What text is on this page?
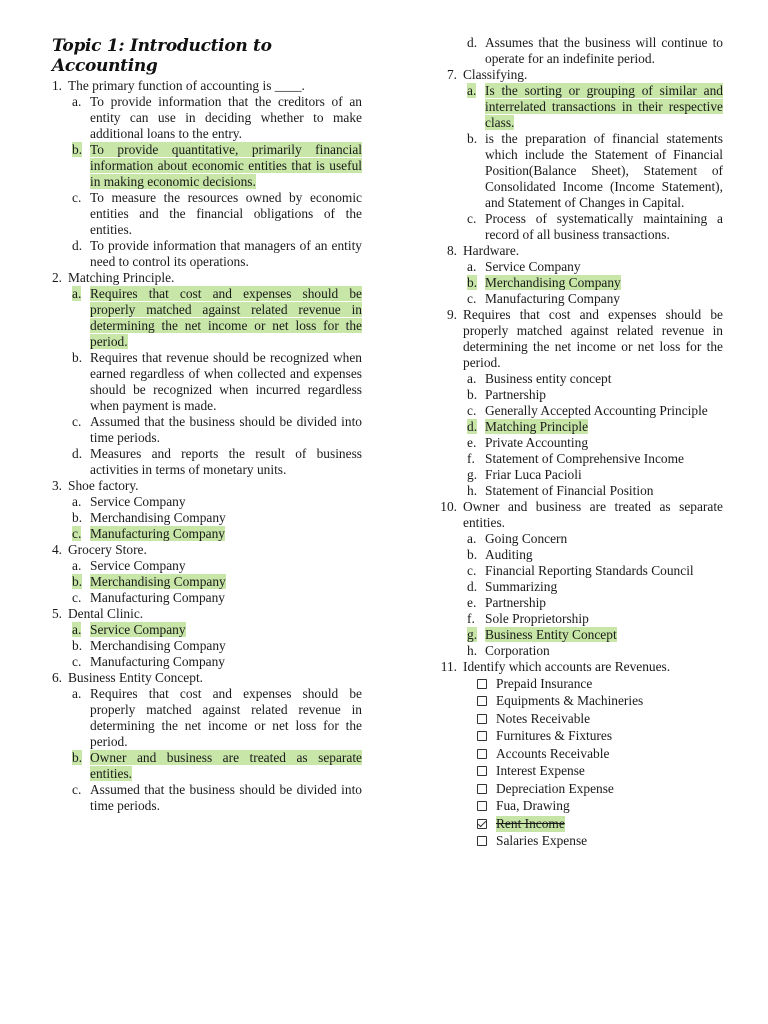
Topic 1: Introduction to Accounting
1. The primary function of accounting is ____.
a. To provide information that the creditors of an entity can use in deciding whether to make additional loans to the entry.
b. To provide quantitative, primarily financial information about economic entities that is useful in making economic decisions.
c. To measure the resources owned by economic entities and the financial obligations of the entities.
d. To provide information that managers of an entity need to control its operations.
2. Matching Principle.
a. Requires that cost and expenses should be properly matched against related revenue in determining the net income or net loss for the period.
b. Requires that revenue should be recognized when earned regardless of when collected and expenses should be recognized when incurred regardless when payment is made.
c. Assumed that the business should be divided into time periods.
d. Measures and reports the result of business activities in terms of monetary units.
3. Shoe factory.
a. Service Company
b. Merchandising Company
c. Manufacturing Company
4. Grocery Store.
a. Service Company
b. Merchandising Company
c. Manufacturing Company
5. Dental Clinic.
a. Service Company
b. Merchandising Company
c. Manufacturing Company
6. Business Entity Concept.
a. Requires that cost and expenses should be properly matched against related revenue in determining the net income or net loss for the period.
b. Owner and business are treated as separate entities.
c. Assumed that the business should be divided into time periods.
d. Assumes that the business will continue to operate for an indefinite period.
7. Classifying.
a. Is the sorting or grouping of similar and interrelated transactions in their respective class.
b. is the preparation of financial statements which include the Statement of Financial Position(Balance Sheet), Statement of Consolidated Income (Income Statement), and Statement of Changes in Capital.
c. Process of systematically maintaining a record of all business transactions.
8. Hardware.
a. Service Company
b. Merchandising Company
c. Manufacturing Company
9. Requires that cost and expenses should be properly matched against related revenue in determining the net income or net loss for the period.
a. Business entity concept
b. Partnership
c. Generally Accepted Accounting Principle
d. Matching Principle
e. Private Accounting
f. Statement of Comprehensive Income
g. Friar Luca Pacioli
h. Statement of Financial Position
10. Owner and business are treated as separate entities.
a. Going Concern
b. Auditing
c. Financial Reporting Standards Council
d. Summarizing
e. Partnership
f. Sole Proprietorship
g. Business Entity Concept
h. Corporation
11. Identify which accounts are Revenues.
Prepaid Insurance
Equipments & Machineries
Notes Receivable
Furnitures & Fixtures
Accounts Receivable
Interest Expense
Depreciation Expense
Fua, Drawing
Rent Income
Salaries Expense
